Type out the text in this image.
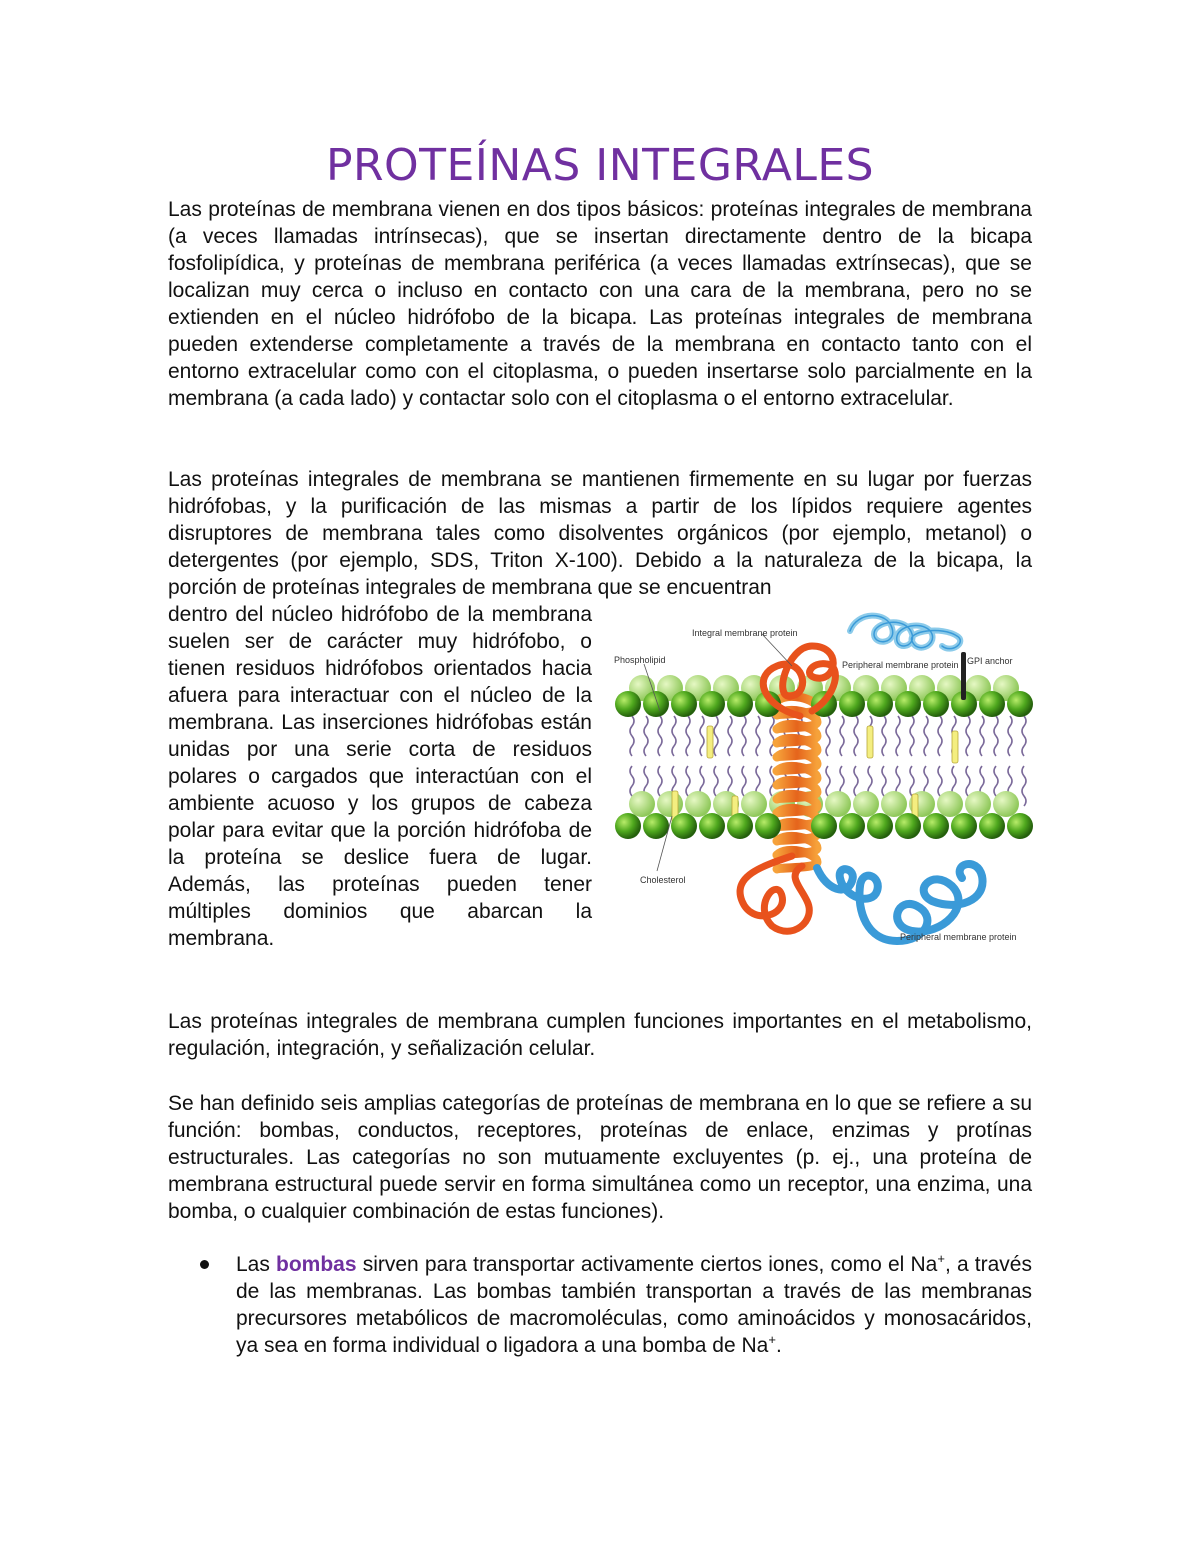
PROTEÍNAS INTEGRALES

Las proteínas de membrana vienen en dos tipos básicos: proteínas integrales de membrana (a veces llamadas intrínsecas), que se insertan directamente dentro de la bicapa fosfolipídica, y proteínas de membrana periférica (a veces llamadas extrínsecas), que se localizan muy cerca o incluso en contacto con una cara de la membrana, pero no se extienden en el núcleo hidrófobo de la bicapa. Las proteínas integrales de membrana pueden extenderse completamente a través de la membrana en contacto tanto con el entorno extracelular como con el citoplasma, o pueden insertarse solo parcialmente en la membrana (a cada lado) y contactar solo con el citoplasma o el entorno extracelular.

Las proteínas integrales de membrana se mantienen firmemente en su lugar por fuerzas hidrófobas, y la purificación de las mismas a partir de los lípidos requiere agentes disruptores de membrana tales como disolventes orgánicos (por ejemplo, metanol) o detergentes (por ejemplo, SDS, Triton X-100). Debido a la naturaleza de la bicapa, la porción de proteínas integrales de membrana que se encuentran

dentro del núcleo hidrófobo de la membrana suelen ser de carácter muy hidrófobo, o tienen residuos hidrófobos orientados hacia afuera para interactuar con el núcleo de la membrana. Las inserciones hidrófobas están unidas por una serie corta de residuos polares o cargados que interactúan con el ambiente acuoso y los grupos de cabeza polar para evitar que la porción hidrófoba de la proteína se deslice fuera de lugar. Además, las proteínas pueden tener múltiples dominios que abarcan la membrana.

Integral membrane protein
Phospholipid	Peripheral membrane protein GPI anchor
Cholesterol
Peripheral membrane protein

Las proteínas integrales de membrana cumplen funciones importantes en el metabolismo, regulación, integración, y señalización celular.

Se han definido seis amplias categorías de proteínas de membrana en lo que se refiere a su función: bombas, conductos, receptores, proteínas de enlace, enzimas y protínas estructurales. Las categorías no son mutuamente excluyentes (p. ej., una proteína de membrana estructural puede servir en forma simultánea como un receptor, una enzima, una bomba, o cualquier combinación de estas funciones).

Las bombas sirven para transportar activamente ciertos iones, como el Na+, a través de las membranas. Las bombas también transportan a través de las membranas precursores metabólicos de macromoléculas, como aminoácidos y monosacáridos, ya sea en forma individual o ligadora a una bomba de Na+.
